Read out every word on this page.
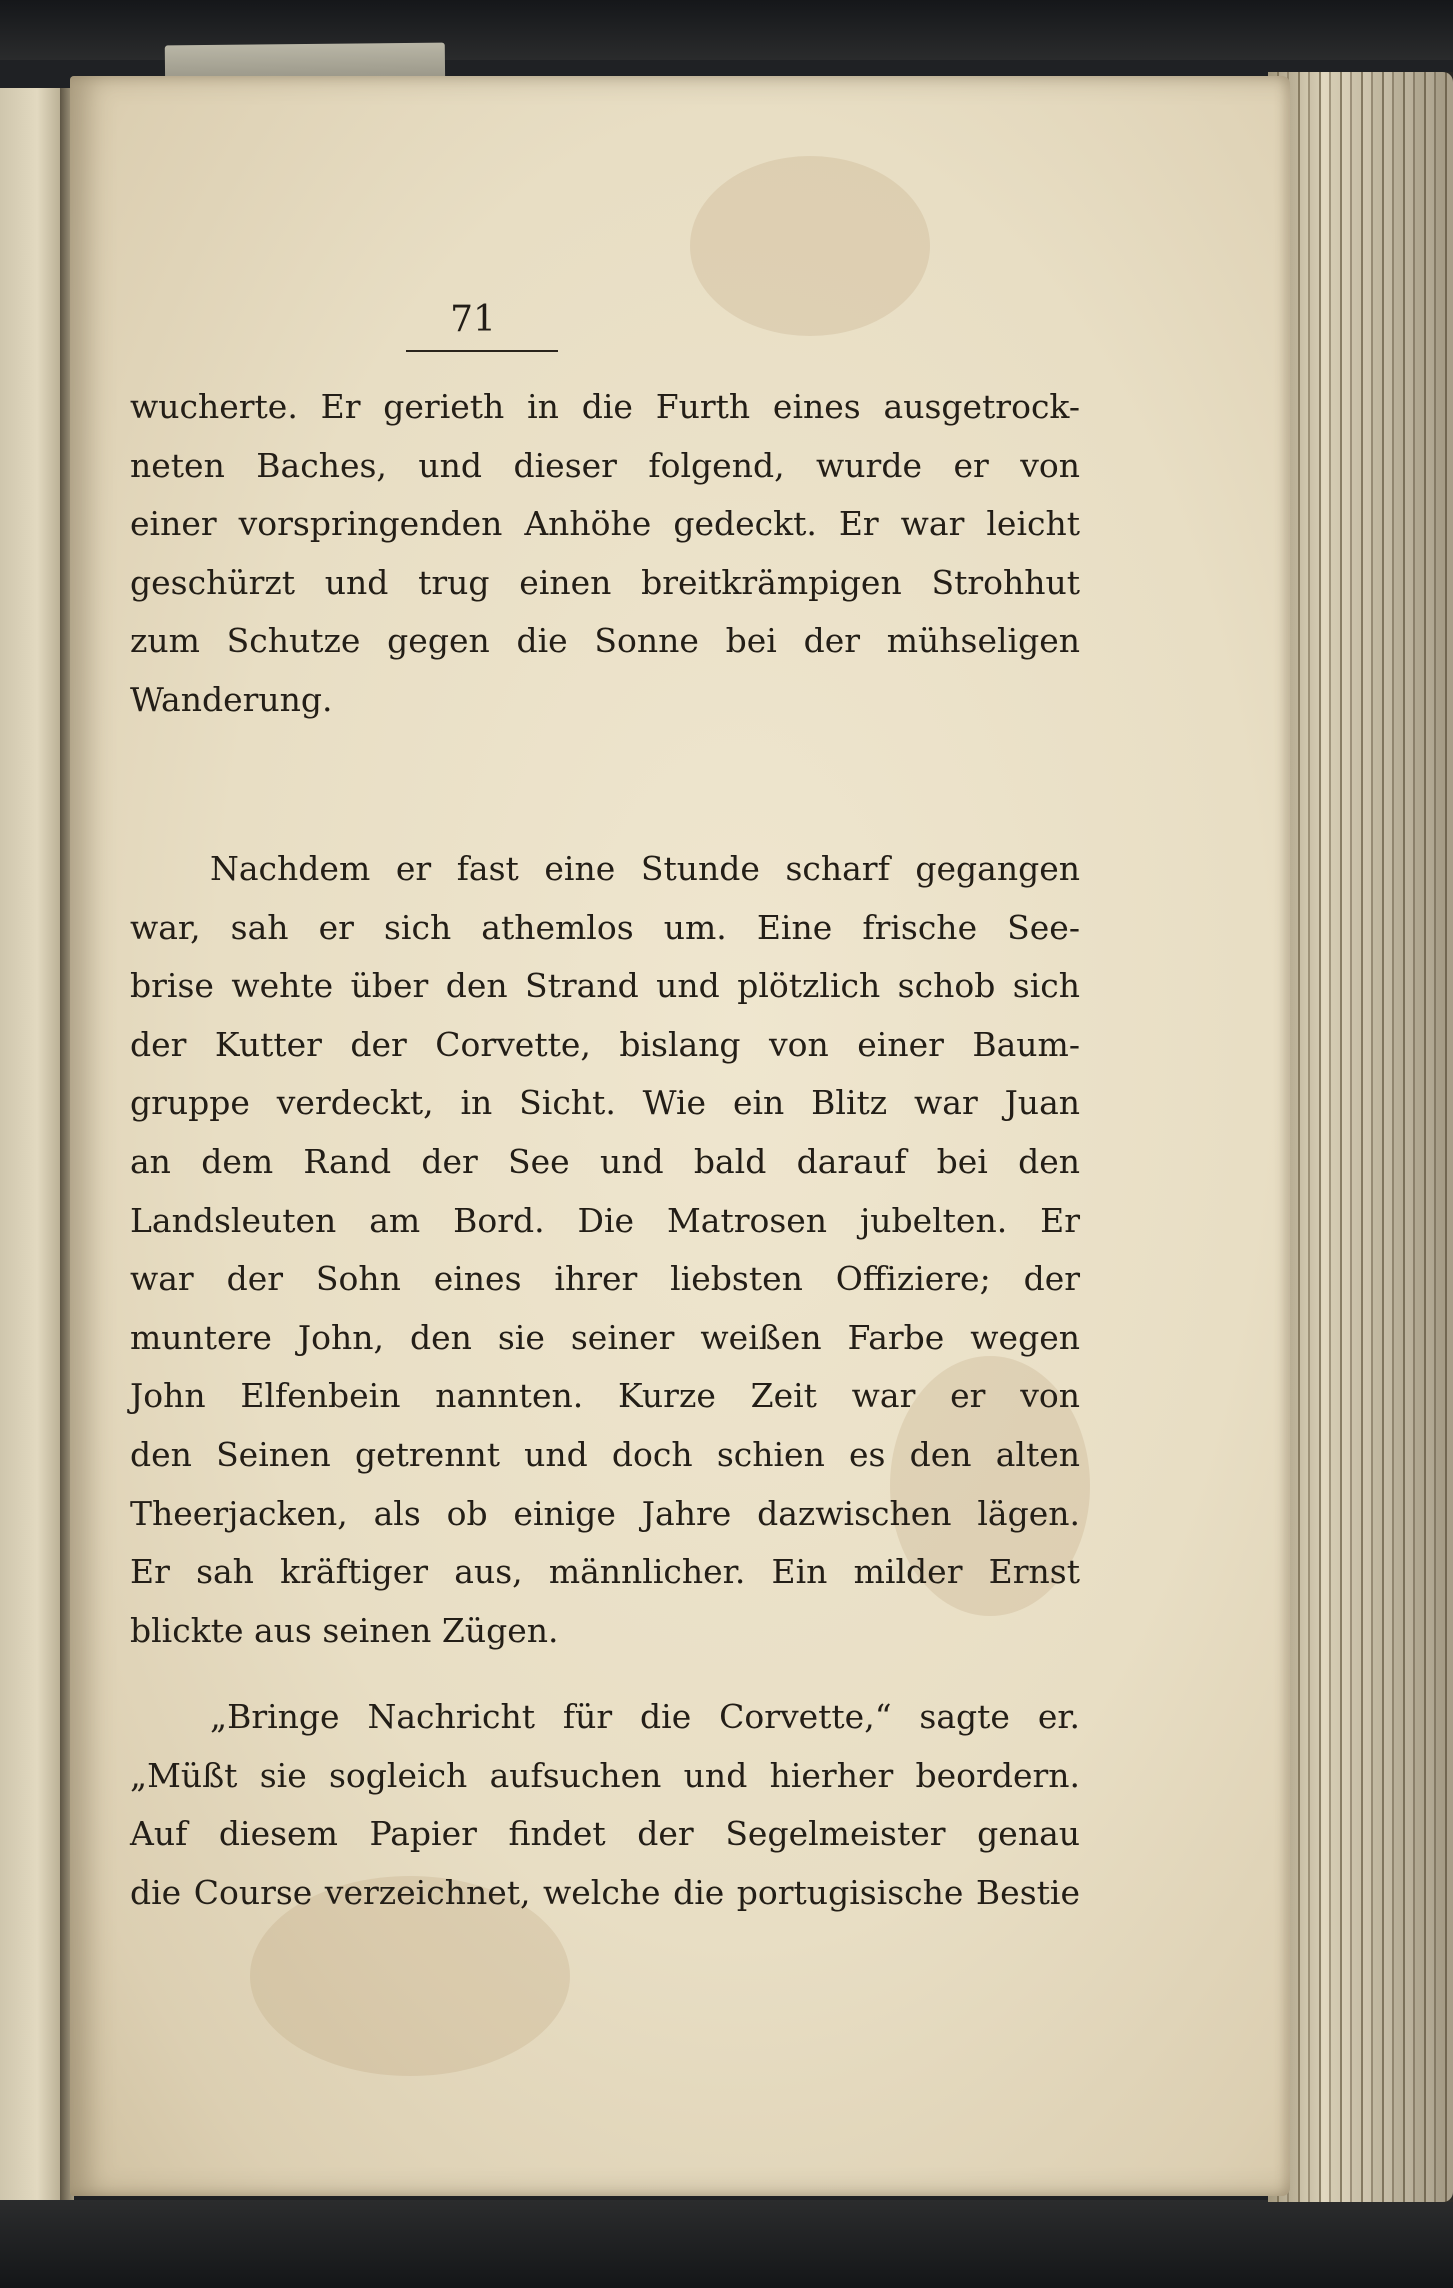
71
wucherte. Er gerieth in die Furth eines ausgetrock-
neten Baches, und dieser folgend, wurde er von
einer vorspringenden Anhöhe gedeckt. Er war leicht
geschürzt und trug einen breitkrämpigen Strohhut
zum Schutze gegen die Sonne bei der mühseligen
Wanderung.
Nachdem er fast eine Stunde scharf gegangen
war, sah er sich athemlos um. Eine frische See-
brise wehte über den Strand und plötzlich schob sich
der Kutter der Corvette, bislang von einer Baum-
gruppe verdeckt, in Sicht. Wie ein Blitz war Juan
an dem Rand der See und bald darauf bei den
Landsleuten am Bord. Die Matrosen jubelten. Er
war der Sohn eines ihrer liebsten Offiziere; der
muntere John, den sie seiner weißen Farbe wegen
John Elfenbein nannten. Kurze Zeit war er von
den Seinen getrennt und doch schien es den alten
Theerjacken, als ob einige Jahre dazwischen lägen.
Er sah kräftiger aus, männlicher. Ein milder Ernst
blickte aus seinen Zügen.
„Bringe Nachricht für die Corvette,“ sagte er.
„Müßt sie sogleich aufsuchen und hierher beordern.
Auf diesem Papier findet der Segelmeister genau
die Course verzeichnet, welche die portugisische Bestie
